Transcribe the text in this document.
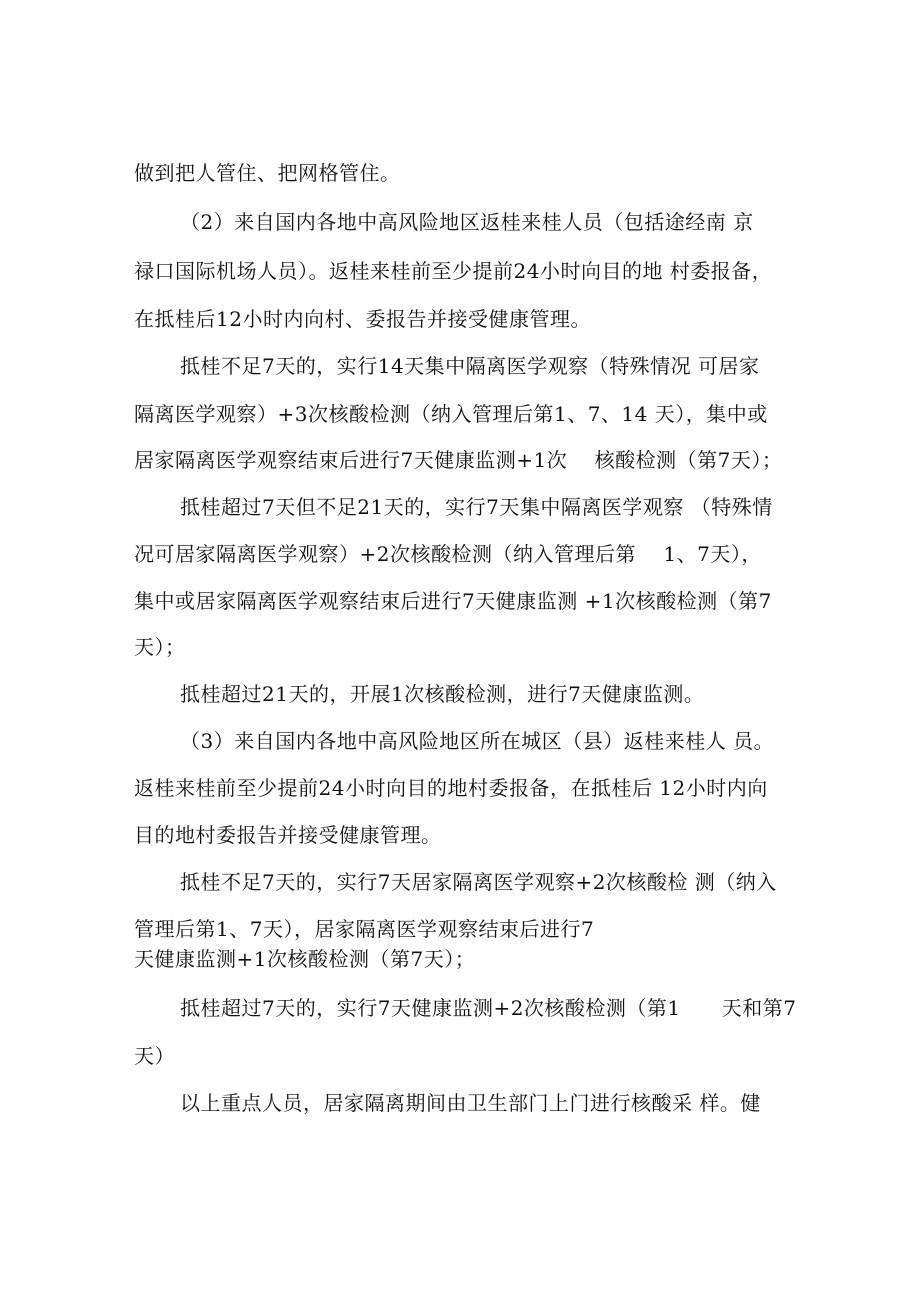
做到把人管住、把网格管住。
（2）来自国内各地中高风险地区返桂来桂人员（包括途经南 京
禄口国际机场人员）。返桂来桂前至少提前24小时向目的地 村委报备，
在抵桂后12小时内向村、委报告并接受健康管理。
抵桂不足7天的，实行14天集中隔离医学观察（特殊情况 可居家
隔离医学观察）+3次核酸检测（纳入管理后第1、7、14 天），集中或
居家隔离医学观察结束后进行7天健康监测+1次    核酸检测（第7天）；
抵桂超过7天但不足21天的，实行7天集中隔离医学观察 （特殊情
况可居家隔离医学观察）+2次核酸检测（纳入管理后第    1、7天），
集中或居家隔离医学观察结束后进行7天健康监测 +1次核酸检测（第7
天）；
抵桂超过21天的，开展1次核酸检测，进行7天健康监测。
（3）来自国内各地中高风险地区所在城区（县）返桂来桂人 员。
返桂来桂前至少提前24小时向目的地村委报备，在抵桂后 12小时内向
目的地村委报告并接受健康管理。
抵桂不足7天的，实行7天居家隔离医学观察+2次核酸检 测（纳入
管理后第1、7天），居家隔离医学观察结束后进行7
天健康监测+1次核酸检测（第7天）；
抵桂超过7天的，实行7天健康监测+2次核酸检测（第1      天和第7
天）
以上重点人员，居家隔离期间由卫生部门上门进行核酸采 样。健
